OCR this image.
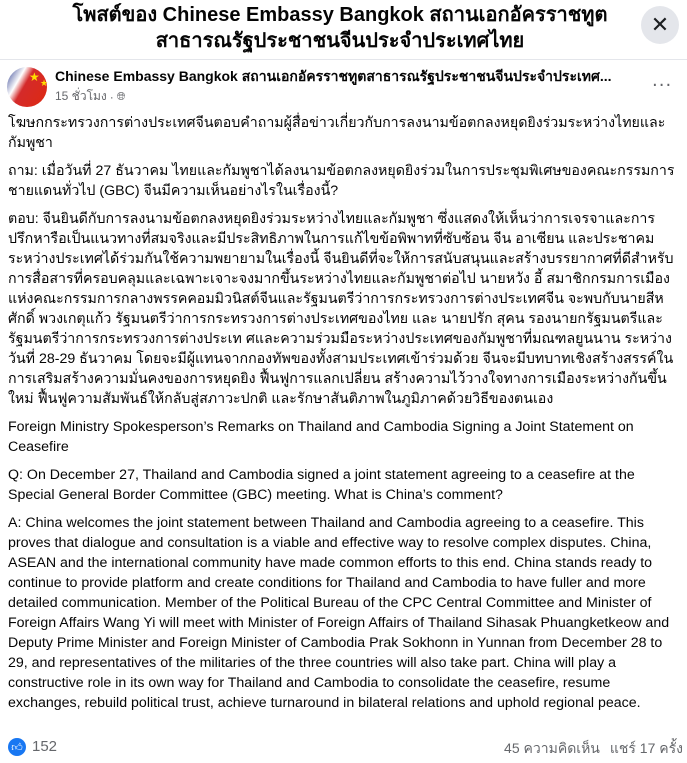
โพสต์ของ Chinese Embassy Bangkok สถานเอกอัครราชทูตสาธารณรัฐประชาชนจีนประจำประเทศไทย
✕
★ ★ Chinese Embassy Bangkok สถานเอกอัครราชทูตสาธารณรัฐประชาชนจีนประจำประเทศ...
15 ชั่วโมง · 🌐︎
...

โฆษกกระทรวงการต่างประเทศจีนตอบคำถามผู้สื่อข่าวเกี่ยวกับการลงนามข้อตกลงหยุดยิงร่วมระหว่างไทยและกัมพูชา

ถาม: เมื่อวันที่ 27 ธันวาคม ไทยและกัมพูชาได้ลงนามข้อตกลงหยุดยิงร่วมในการประชุมพิเศษของคณะกรรมการชายแดนทั่วไป (GBC) จีนมีความเห็นอย่างไรในเรื่องนี้?

ตอบ: จีนยินดีกับการลงนามข้อตกลงหยุดยิงร่วมระหว่างไทยและกัมพูชา ซึ่งแสดงให้เห็นว่าการเจรจาและการปรึกหารือเป็นแนวทางที่สมจริงและมีประสิทธิภาพในการแก้ไขข้อพิพาทที่ซับซ้อน จีน อาเซียน และประชาคมระหว่างประเทศได้ร่วมกันใช้ความพยายามในเรื่องนี้ จีนยินดีที่จะให้การสนับสนุนและสร้างบรรยากาศที่ดีสำหรับการสื่อสารที่ครอบคลุมและเฉพาะเจาะจงมากขึ้นระหว่างไทยและกัมพูชาต่อไป นายหวัง อี้ สมาชิกกรมการเมืองแห่งคณะกรรมการกลางพรรคคอมมิวนิสต์จีนและรัฐมนตรีว่าการกระทรวงการต่างประเทศจีน จะพบกับนายสีหศักดิ์ พวงเกตุแก้ว รัฐมนตรีว่าการกระทรวงการต่างประเทศของไทย และ นายปรัก สุคน รองนายกรัฐมนตรีและรัฐมนตรีว่าการกระทรวงการต่างประเท ศและความร่วมมือระหว่างประเทศของกัมพูชาที่มณฑลยูนนาน ระหว่างวันที่ 28-29 ธันวาคม โดยจะมีผู้แทนจากกองทัพของทั้งสามประเทศเข้าร่วมด้วย จีนจะมีบทบาทเชิงสร้างสรรค์ในการเสริมสร้างความมั่นคงของการหยุดยิง ฟื้นฟูการแลกเปลี่ยน สร้างความไว้วางใจทางการเมืองระหว่างกันขึ้นใหม่ ฟื้นฟูความสัมพันธ์ให้กลับสู่สภาวะปกติ และรักษาสันติภาพในภูมิภาคด้วยวิธีของตนเอง

Foreign Ministry Spokesperson’s Remarks on Thailand and Cambodia Signing a Joint Statement on Ceasefire

Q: On December 27, Thailand and Cambodia signed a joint statement agreeing to a ceasefire at the Special General Border Committee (GBC) meeting. What is China’s comment?

A: China welcomes the joint statement between Thailand and Cambodia agreeing to a ceasefire. This proves that dialogue and consultation is a viable and effective way to resolve complex disputes. China, ASEAN and the international community have made common efforts to this end. China stands ready to continue to provide platform and create conditions for Thailand and Cambodia to have fuller and more detailed communication. Member of the Political Bureau of the CPC Central Committee and Minister of Foreign Affairs Wang Yi will meet with Minister of Foreign Affairs of Thailand Sihasak Phuangketkeow and Deputy Prime Minister and Foreign Minister of Cambodia Prak Sokhonn in Yunnan from December 28 to 29, and representatives of the militaries of the three countries will also take part. China will play a constructive role in its own way for Thailand and Cambodia to consolidate the ceasefire, resume exchanges, rebuild political trust, achieve turnaround in bilateral relations and uphold regional peace.

👍︎ 152	45 ความคิดเห็น แชร์ 17 ครั้ง
